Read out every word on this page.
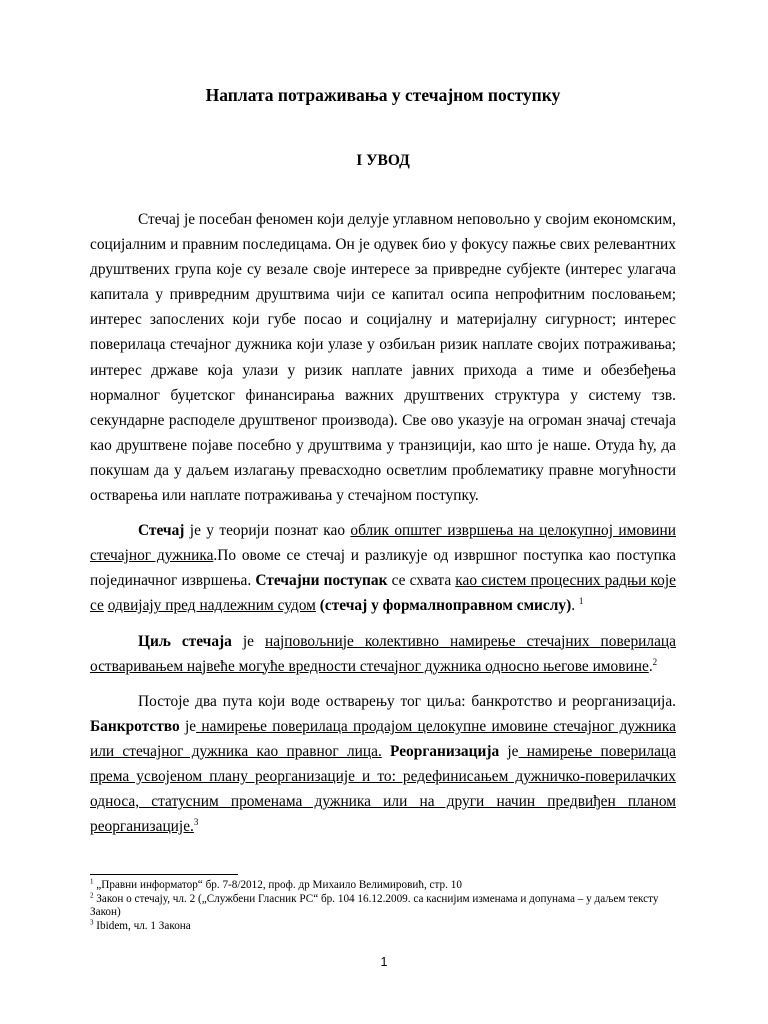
Наплата потраживања у стечајном поступку
I УВОД

Стечај је посебан феномен који делује углавном неповољно у својим економским, социјалним и правним последицама. Он је одувек био у фокусу пажње свих релевантних друштвених група које су везале своје интересе за привредне субјекте (интерес улагача капитала у привредним друштвима чији се капитал осипа непрофитним пословањем; интерес запослених који губе посао и социјалну и материјалну сигурност; интерес поверилаца стечајног дужника који улазе у озбиљан ризик наплате својих потраживања; интерес државе која улази у ризик наплате јавних прихода а тиме и обезбеђења нормалног буџетског финансирања важних друштвених структура у систему тзв. секундарне расподеле друштвеног производа). Све ово указује на огроман значај стечаја као друштвене појаве посебно у друштвима у транзицији, као што је наше. Отуда ћу, да покушам да у даљем излагању превасходно осветлим проблематику правне могућности остварења или наплате потраживања у стечајном поступку.

Стечај је у теорији познат као облик општег извршења на целокупној имовини стечајног дужника.По овоме се стечај и разликује од извршног поступка као поступка појединачног извршења. Стечајни поступак се схвата као систем процесних радњи које се одвијају пред надлежним судом (стечај у формалноправном смислу). $^1$

Циљ стечаја је најповољније колективно намирење стечајних поверилаца остваривањем највеће могуће вредности стечајног дужника односно његове имовине.$^2$

Постоје два пута који воде остварењу тог циља: банкротство и реорганизација. Банкротство је намирење поверилаца продајом целокупне имовине стечајног дужника или стечајног дужника као правног лица. Реорганизација је намирење поверилаца према усвојеном плану реорганизације и то: редефинисањем дужничко-поверилачких односа, статусним променама дужника или на други начин предвиђен планом реорганизације.$^3$

$^1$ „Правни информатор“ бр. 7-8/2012, проф. др Михаило Велимировић, стр. 10

$^2$ Закон о стечају, чл. 2 („Службени Гласник РС“ бр. 104 16.12.2009. са каснијим изменама и допунама – у даљем тексту Закон)

$^3$ Ibidem, чл. 1 Закона

1
